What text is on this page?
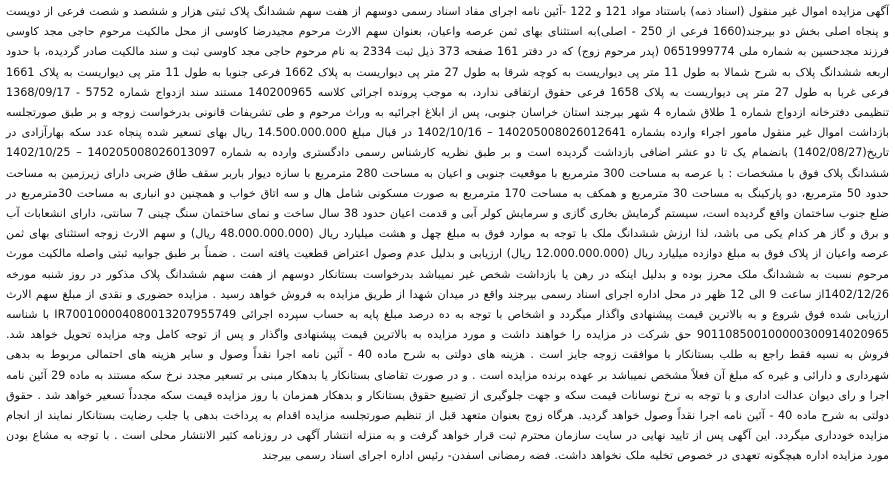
آگهی مزایده اموال غیر منقول (اسناد ذمه) باستناد مواد 121 و 122 -آئین نامه اجرای مفاد اسناد رسمی دوسهم از هفت سهم ششدانگ پلاک ثبتی هزار و ششصد و شصت فرعی از دویست و پنجاه اصلی بخش دو بیرجند(1660 فرعی از 250 - اصلی)به استثنای بهای ثمن عرصه واعیان، بعنوان سهم الارث مرحوم مجیدرضا کاوسی از محل مالکیت مرحوم حاجی مجد کاوسی فرزند مجدحسین به شماره ملی 0651999774 (پدر مرحوم زوج) که در دفتر 161 صفحه 373 ذیل ثبت 2334 به نام مرحوم حاجی مجد کاوسی ثبت و سند مالکیت صادر گردیده، با حدود اربعه ششدانگ پلاک به شرح شمالا به طول 11 متر پی دیواریست به کوچه شرقا به طول 27 متر پی دیواریست به پلاک 1662 فرعی جنوبا به طول 11 متر پی دیواریست به پلاک 1661 فرعی غربا به طول 27 متر پی دیواریست به پلاک 1658 فرعی حقوق ارتفاقی ندارد، به موجب پرونده اجرائی کلاسه 140200965 مستند سند ازدواج شماره 5752 - 1368/09/17 تنظیمی دفترخانه ازدواج شماره 1 طلاق شماره 4 شهر بیرجند استان خراسان جنوبی، پس از ابلاغ اجرائیه به وراث مرحوم و طی تشریفات قانونی بدرخواست زوجه و بر طبق صورتجلسه بازداشت اموال غیر منقول مامور اجراء وارده بشماره 140205008026012641 – 1402/10/16 در قبال مبلغ 14.500.000.000 ریال بهای تسعیر شده پنجاه عدد سکه بهارآزادی در تاریخ(1402/08/27) بانضمام یک تا دو عشر اضافی بازداشت گردیده است و بر طبق نظریه کارشناس رسمی دادگستری وارده به شماره 140205008026013097 – 1402/10/25 ششدانگ پلاک فوق با مشخصات : با عرصه به مساحت 300 مترمربع با موقعیت جنوبی و اعیان به مساحت 280 مترمربع با سازه دیوار باربر سقف طاق ضربی دارای زیرزمین به مساحت حدود 50 مترمربع، دو پارکینگ به مساحت 30 مترمربع و همکف به مساحت 170 مترمربع به صورت مسکونی شامل هال و سه اتاق خواب و همچنین دو انباری به مساحت 30مترمربع در ضلع جنوب ساختمان واقع گردیده است، سیستم گرمایش بخاری گازی و سرمایش کولر آبی و قدمت اعیان حدود 38 سال ساخت و نمای ساختمان سنگ چینی 7 سانتی، دارای انشعابات آب و برق و گاز هر کدام یکی می باشد، لذا ارزش ششدانگ ملک با توجه به موارد فوق به مبلغ چهل و هشت میلیارد ریال (48.000.000.000 ریال) و سهم الارث زوجه استثنای بهای ثمن عرصه واعیان از پلاک فوق به مبلغ دوازده میلیارد ریال (12.000.000.000 ریال) ارزیابی و بدلیل عدم وصول اعتراض قطعیت یافته است . ضمناً بر طبق جوابیه ثبتی واصله مالکیت مورث مرحوم نسبت به ششدانگ ملک محرز بوده و بدلیل اینکه در رهن یا بازداشت شخص غیر نمیباشد بدرخواست بستانکار دوسهم از هفت سهم ششدانگ پلاک مذکور در روز شنبه مورخه 1402/12/26از ساعت 9 الی 12 ظهر در محل اداره اجرای اسناد رسمی بیرجند واقع در میدان شهدا از طریق مزایده به فروش خواهد رسید . مزایده حضوری و نقدی از مبلغ سهم الارث ارزیابی شده فوق شروع و به بالاترین قیمت پیشنهادی واگذار میگردد و اشخاص با توجه به ده درصد مبلغ پایه به حساب سپرده اجرائی IR700100004080013207955749 با شناسه 901108500100000300914020965 حق شرکت در مزایده را خواهند داشت و مورد مزایده به بالاترین قیمت پیشنهادی واگذار و پس از توجه کامل وجه مزایده تحویل خواهد شد. فروش به نسیه فقط راجع به طلب بستانکار با موافقت زوجه جایز است . هزینه های دولتی به شرح ماده 40 - آئین نامه اجرا نقداً وصول و سایر هزینه های احتمالی مربوط به بدهی شهرداری و دارائی و غیره که مبلغ آن فعلاً مشخص نمیباشد بر عهده برنده مزایده است . و در صورت تقاضای بستانکار یا بدهکار مبنی بر تسعیر مجدد نرخ سکه مستند به ماده 29 آئین نامه اجرا و رای دیوان عدالت اداری و با توجه به نرخ نوسانات قیمت سکه و جهت جلوگیری از تضییع حقوق بستانکار و بدهکار همزمان با روز مزایده قیمت سکه مجدداً تسعیر خواهد شد . حقوق دولتی به شرح ماده 40 - آئین نامه اجرا نقداً وصول خواهد گردید. هرگاه زوج بعنوان متعهد قبل از تنظیم صورتجلسه مزایده اقدام به پرداخت بدهی یا جلب رضایت بستانکار نمایند از انجام مزایده خودداری میگردد. این آگهی پس از تایید نهایی در سایت سازمان محترم ثبت قرار خواهد گرفت و به منزله انتشار آگهی در روزنامه کثیر الانتشار محلی است . با توجه به مشاع بودن مورد مزایده اداره هیچگونه تعهدی در خصوص تخلیه ملک نخواهد داشت. فضه رمضانی اسفدن- رئیس اداره اجرای اسناد رسمی بیرجند
